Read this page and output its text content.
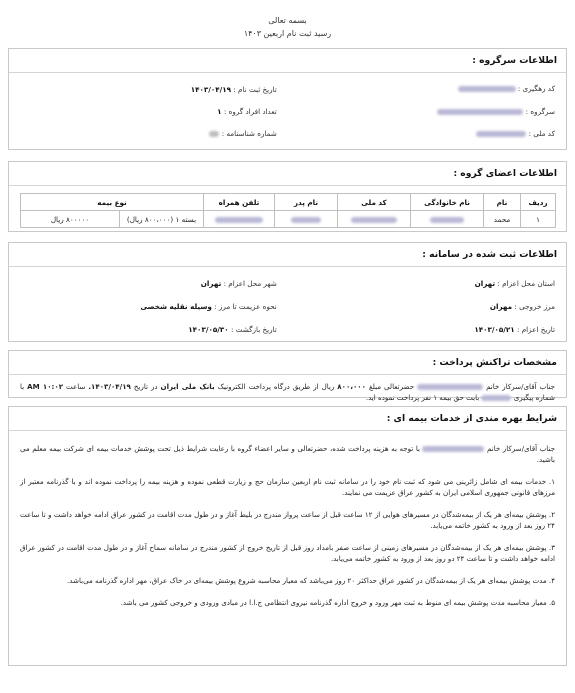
بسمه تعالی
رسید ثبت نام اربعین ۱۴۰۳
اطلاعات سرگروه :
کد رهگیری :
تاریخ ثبت نام : ۱۴۰۳/۰۴/۱۹
سرگروه :
تعداد افراد گروه : ۱
کد ملی :
شماره شناسنامه :
اطلاعات اعضای گروه :
ردیف	نام	نام خانوادگی	کد ملی	نام پدر	تلفن همراه	نوع بیمه	
۱	محمد					بسته ۱ (۸۰۰،۰۰۰ ریال)	۸۰۰۰۰۰ ریال
اطلاعات ثبت شده در سامانه :
استان محل اعزام : تهران
شهر محل اعزام : تهران
مرز خروجی : مهران
نحوه عزیمت تا مرز : وسیله نقلیه شخصی
تاریخ اعزام : ۱۴۰۳/۰۵/۲۱
تاریخ بازگشت : ۱۴۰۳/۰۵/۳۰
مشخصات تراکنش پرداخت :

جناب آقای/سرکار خانم  حضرتعالی مبلغ ۸۰۰،۰۰۰ ریال از طریق درگاه پرداخت الکترونیک بانک ملی ایران در تاریخ ۱۴۰۳/۰۴/۱۹. ساعت ۱۰:۰۲ AM با شماره پیگیری  بابت حق بیمه ۱ نفر پرداخت نموده اید.

شرایط بهره مندی از خدمات بیمه ای :

جناب آقای/سرکار خانم  با توجه به هزینه پرداخت شده، حضرتعالی و سایر اعضاء گروه با رعایت شرایط ذیل تحت پوشش خدمات بیمه ای شرکت بیمه معلم می باشید.

۱. خدمات بیمه ای شامل زائرینی می شود که ثبت نام خود را در سامانه ثبت نام اربعین سازمان حج و زیارت قطعی نموده و هزینه بیمه را پرداخت نموده اند و با گذرنامه معتبر از مرزهای قانونی جمهوری اسلامی ایران به کشور عراق عزیمت می نمایند.

۲. پوشش بیمه‌ای هر یک از بیمه‌شدگان در مسیرهای هوایی از ۱۲ ساعت قبل از ساعت پرواز مندرج در بلیط آغاز و در طول مدت اقامت در کشور عراق ادامه خواهد داشت و تا ساعت ۲۴ روز بعد از ورود به کشور خاتمه می‌یابد.

۳. پوشش بیمه‌ای هر یک از بیمه‌شدگان در مسیرهای زمینی از ساعت صفر بامداد روز قبل از تاریخ خروج از کشور مندرج در سامانه سماح آغاز و در طول مدت اقامت در کشور عراق ادامه خواهد داشت و تا ساعت ۲۴ دو روز بعد از ورود به کشور خاتمه می‌یابد.

۴. مدت پوشش بیمه‌ای هر یک از بیمه‌شدگان در کشور عراق حداکثر ۲۰ روز می‌باشد که معیار محاسبه شروع پوشش بیمه‌ای در خاک عراق، مهر اداره گذرنامه می‌باشد.

۵. معیار محاسبه مدت پوشش بیمه ای منوط به ثبت مهر ورود و خروج اداره گذرنامه نیروی انتظامی ج.ا.ا در مبادی ورودی و خروجی کشور می باشد.
